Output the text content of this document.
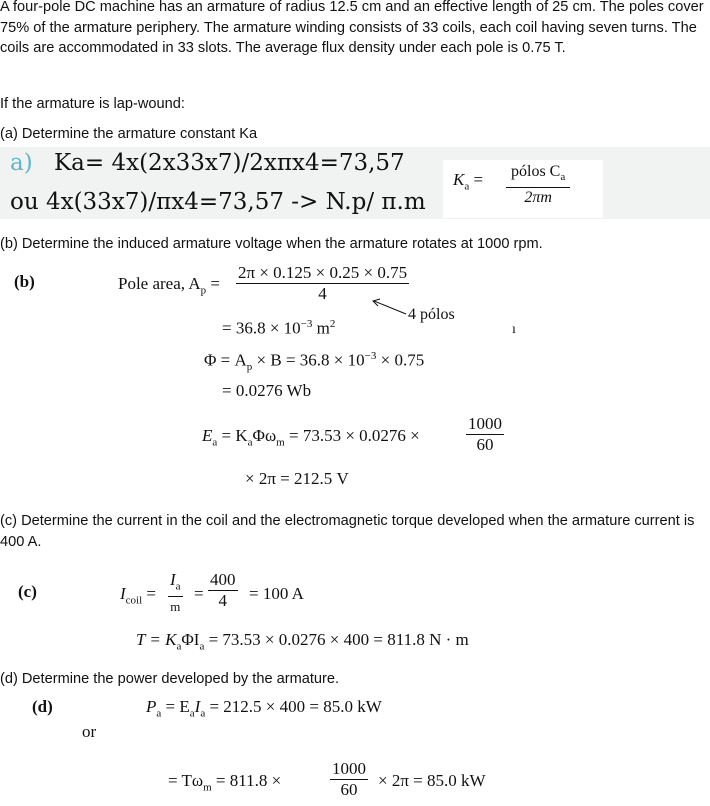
A four-pole DC machine has an armature of radius 12.5 cm and an effective length of 25 cm. The poles cover 75% of the armature periphery. The armature winding consists of 33 coils, each coil having seven turns. The coils are accommodated in 33 slots. The average flux density under each pole is 0.75 T.
If the armature is lap-wound:
(a) Determine the armature constant Ka
a) Ka= 4x(2x33x7)/2xπx4=73,57
ou 4x(33x7)/πx4=73,57 -> N.p/ π.m
$K_a = \frac{pólos C_a}{2\pi m}$
(b) Determine the induced armature voltage when the armature rotates at 1000 rpm.
(b)	Pole area, $A_p = \frac{2\pi \times 0.125 \times 0.25 \times 0.75}{4}$
4 pólos
= $36.8 \times 10^{-3}$ $m^2$	ı
$\Phi = A_p \times B = 36.8 \times 10^{-3} \times 0.75$
= 0.0276 Wb
$E_a = K_a\Phi\omega_m = 73.53 \times 0.0276$ ×	$\frac{1000}{60}$
× 2π = 212.5 V
(c) Determine the current in the coil and the electromagnetic torque developed when the armature current is 400 A.
(c)	$I_{coil} = \frac{I_a}{m} = \frac{400}{4} = 100$ A
$T = K_a\Phi I_a = 73.53 \times 0.0276 \times 400 = 811.8$ N · m
(d) Determine the power developed by the armature.
(d)	$P_a = E_aI_a = 212.5 \times 400 = 85.0$ kW
or
= $T\omega_m = 811.8$ ×	$\frac{1000}{60} \times 2\pi = 85.0$ kW
